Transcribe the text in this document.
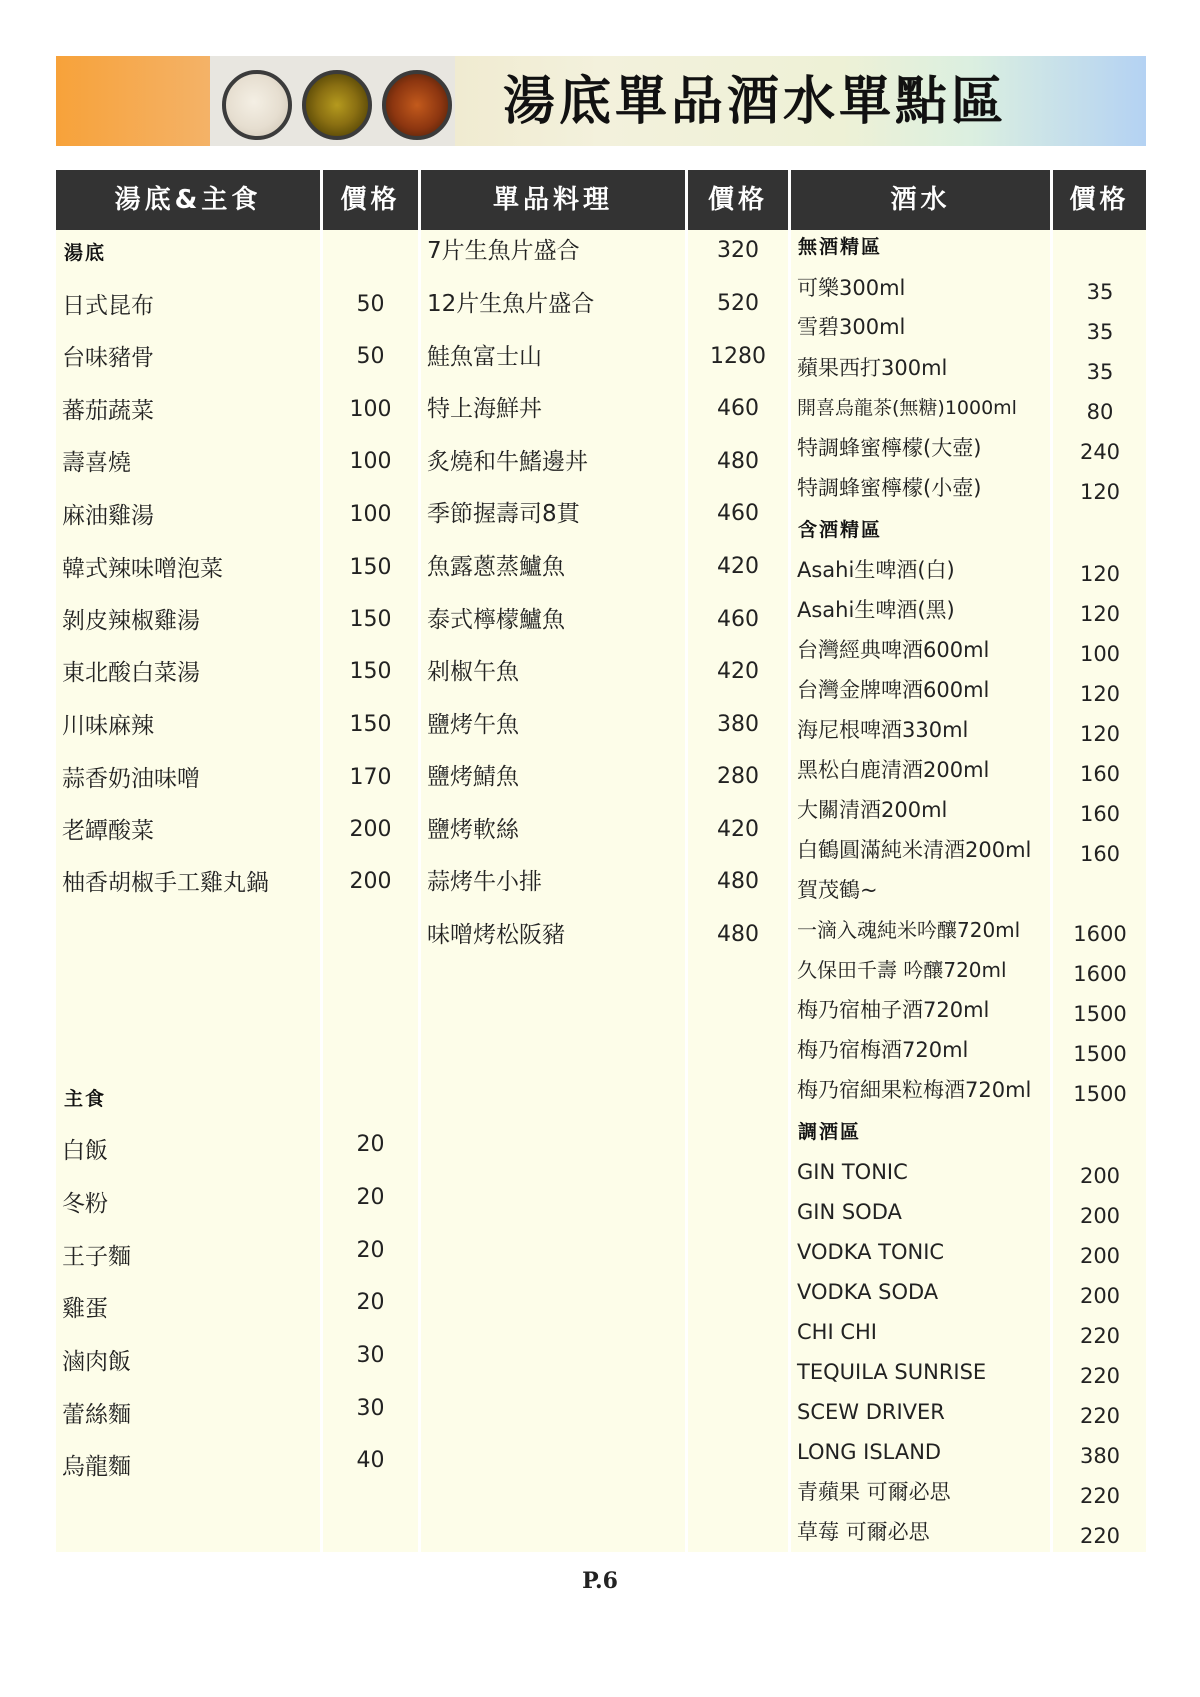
湯底單品酒水單點區
湯底&主食	價格	單品料理	價格	酒水	價格
湯底
日式昆布	50
台味豬骨	50
蕃茄蔬菜	100
壽喜燒	100
麻油雞湯	100
韓式辣味噌泡菜	150
剝皮辣椒雞湯	150
東北酸白菜湯	150
川味麻辣	150
蒜香奶油味噌	170
老罈酸菜	200
柚香胡椒手工雞丸鍋	200
主食
白飯	20
冬粉	20
王子麵	20
雞蛋	20
滷肉飯	30
蕾絲麵	30
烏龍麵	40
7片生魚片盛合	320
12片生魚片盛合	520
鮭魚富士山	1280
特上海鮮丼	460
炙燒和牛鰭邊丼	480
季節握壽司8貫	460
魚露蔥蒸鱸魚	420
泰式檸檬鱸魚	460
剁椒午魚	420
鹽烤午魚	380
鹽烤鯖魚	280
鹽烤軟絲	420
蒜烤牛小排	480
味噌烤松阪豬	480
無酒精區
可樂300ml	35
雪碧300ml	35
蘋果西打300ml	35
開喜烏龍茶(無糖)1000ml	80
特調蜂蜜檸檬(大壺)	240
特調蜂蜜檸檬(小壺)	120
含酒精區
Asahi生啤酒(白)	120
Asahi生啤酒(黑)	120
台灣經典啤酒600ml	100
台灣金牌啤酒600ml	120
海尼根啤酒330ml	120
黑松白鹿清酒200ml	160
大關清酒200ml	160
白鶴圓滿純米清酒200ml	160
賀茂鶴~
一滴入魂純米吟釀720ml	1600
久保田千壽 吟釀720ml	1600
梅乃宿柚子酒720ml	1500
梅乃宿梅酒720ml	1500
梅乃宿細果粒梅酒720ml	1500
調酒區
GIN TONIC	200
GIN SODA	200
VODKA TONIC	200
VODKA SODA	200
CHI CHI	220
TEQUILA SUNRISE	220
SCEW DRIVER	220
LONG ISLAND	380
青蘋果 可爾必思	220
草莓 可爾必思	220
P.6
